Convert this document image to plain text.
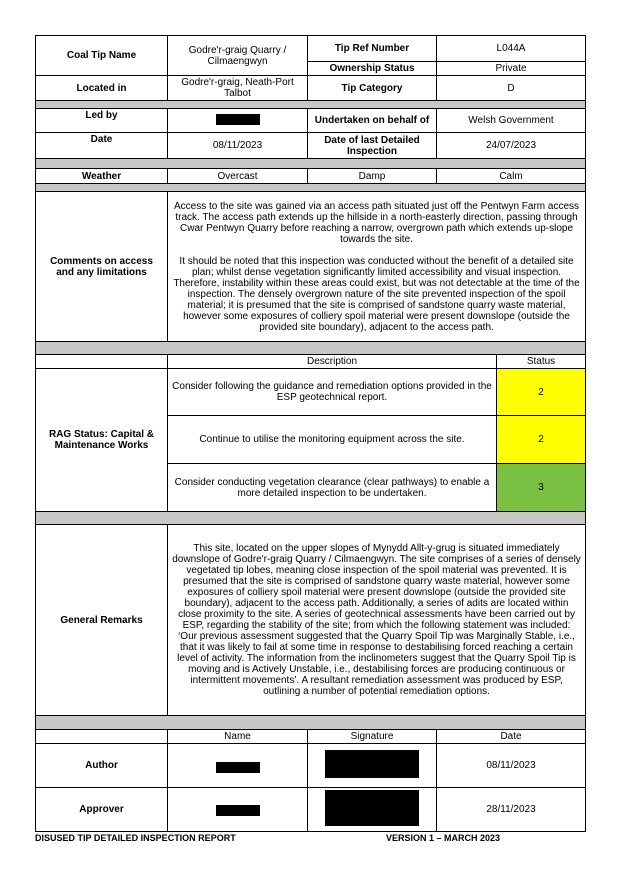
Coal Tip Name	Godre'r-graig Quarry / Cilmaengwyn	Tip Ref Number	L044A	
		Ownership Status	Private	
Located in	Godre'r-graig, Neath-Port Talbot	Tip Category	D	

Led by		Undertaken on behalf of	Welsh Government	
Date	08/11/2023	Date of last Detailed Inspection	24/07/2023	

Weather	Overcast	Damp	Calm	

Comments on access and any limitations	Access to the site was gained via an access path situated just off the Pentwyn Farm access track. The access path extends up the hillside in a north-easterly direction, passing through Cwar Pentwyn Quarry before reaching a narrow, overgrown path which extends up-slope towards the site.

It should be noted that this inspection was conducted without the benefit of a detailed site plan; whilst dense vegetation significantly limited accessibility and visual inspection. Therefore, instability within these areas could exist, but was not detectable at the time of the inspection. The densely overgrown nature of the site prevented inspection of the spoil material; it is presumed that the site is comprised of sandstone quarry waste material, however some exposures of colliery spoil material were present downslope (outside the provided site boundary), adjacent to the access path.			

	Description			Status
RAG Status: Capital & Maintenance Works	Consider following the guidance and remediation options provided in the ESP geotechnical report.			2
	Continue to utilise the monitoring equipment across the site.			2
	Consider conducting vegetation clearance (clear pathways) to enable a more detailed inspection to be undertaken.			3

General Remarks	This site, located on the upper slopes of Mynydd Allt-y-grug is situated immediately downslope of Godre'r-graig Quarry / Cilmaengwyn. The site comprises of a series of densely vegetated tip lobes, meaning close inspection of the spoil material was prevented. It is presumed that the site is comprised of sandstone quarry waste material, however some exposures of colliery spoil material were present downslope (outside the provided site boundary), adjacent to the access path. Additionally, a series of adits are located within close proximity to the site. A series of geotechnical assessments have been carried out by ESP, regarding the stability of the site; from which the following statement was included: ‘Our previous assessment suggested that the Quarry Spoil Tip was Marginally Stable, i.e., that it was likely to fail at some time in response to destabilising forced reaching a certain level of activity. The information from the inclinometers suggest that the Quarry Spoil Tip is moving and is Actively Unstable, i.e., destabilising forces are producing continuous or intermittent movements’. A resultant remediation assessment was produced by ESP, outlining a number of potential remediation options.			

	Name	Signature	Date	
Author			08/11/2023	
Approver			28/11/2023	
DISUSED TIP DETAILED INSPECTION REPORT	VERSION 1 – MARCH 2023
